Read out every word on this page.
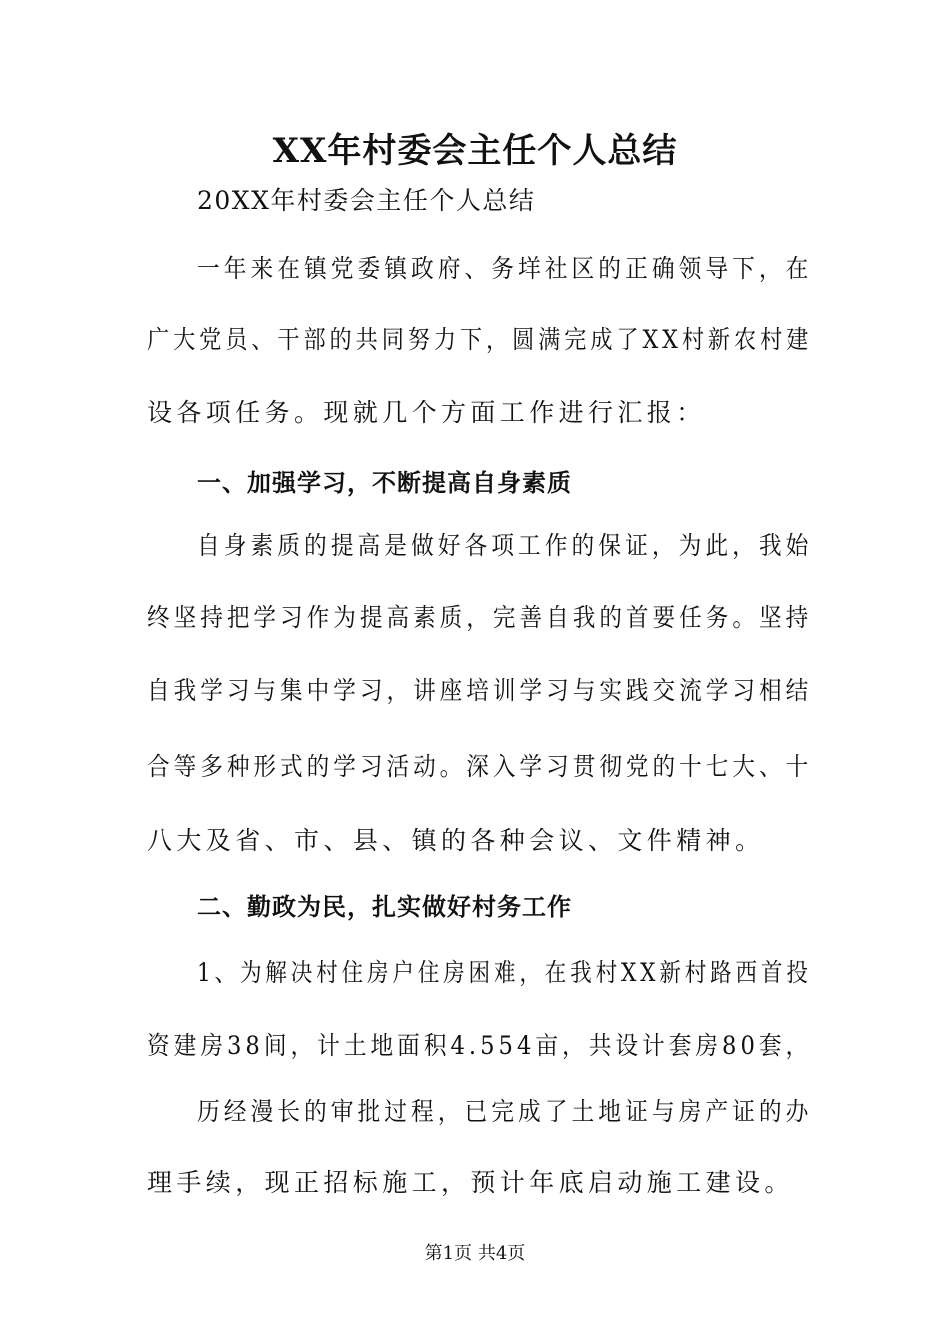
XX年村委会主任个人总结
20XX年村委会主任个人总结
一年来在镇党委镇政府、务垟社区的正确领导下，在
广大党员、干部的共同努力下，圆满完成了XX村新农村建
设各项任务。现就几个方面工作进行汇报：
一、加强学习，不断提高自身素质
自身素质的提高是做好各项工作的保证，为此，我始
终坚持把学习作为提高素质，完善自我的首要任务。坚持
自我学习与集中学习，讲座培训学习与实践交流学习相结
合等多种形式的学习活动。深入学习贯彻党的十七大、十
八大及省、市、县、镇的各种会议、文件精神。
二、勤政为民，扎实做好村务工作
1、为解决村住房户住房困难，在我村XX新村路西首投
资建房38间，计土地面积4.554亩，共设计套房80套，
历经漫长的审批过程，已完成了土地证与房产证的办
理手续，现正招标施工，预计年底启动施工建设。
第1页 共4页
